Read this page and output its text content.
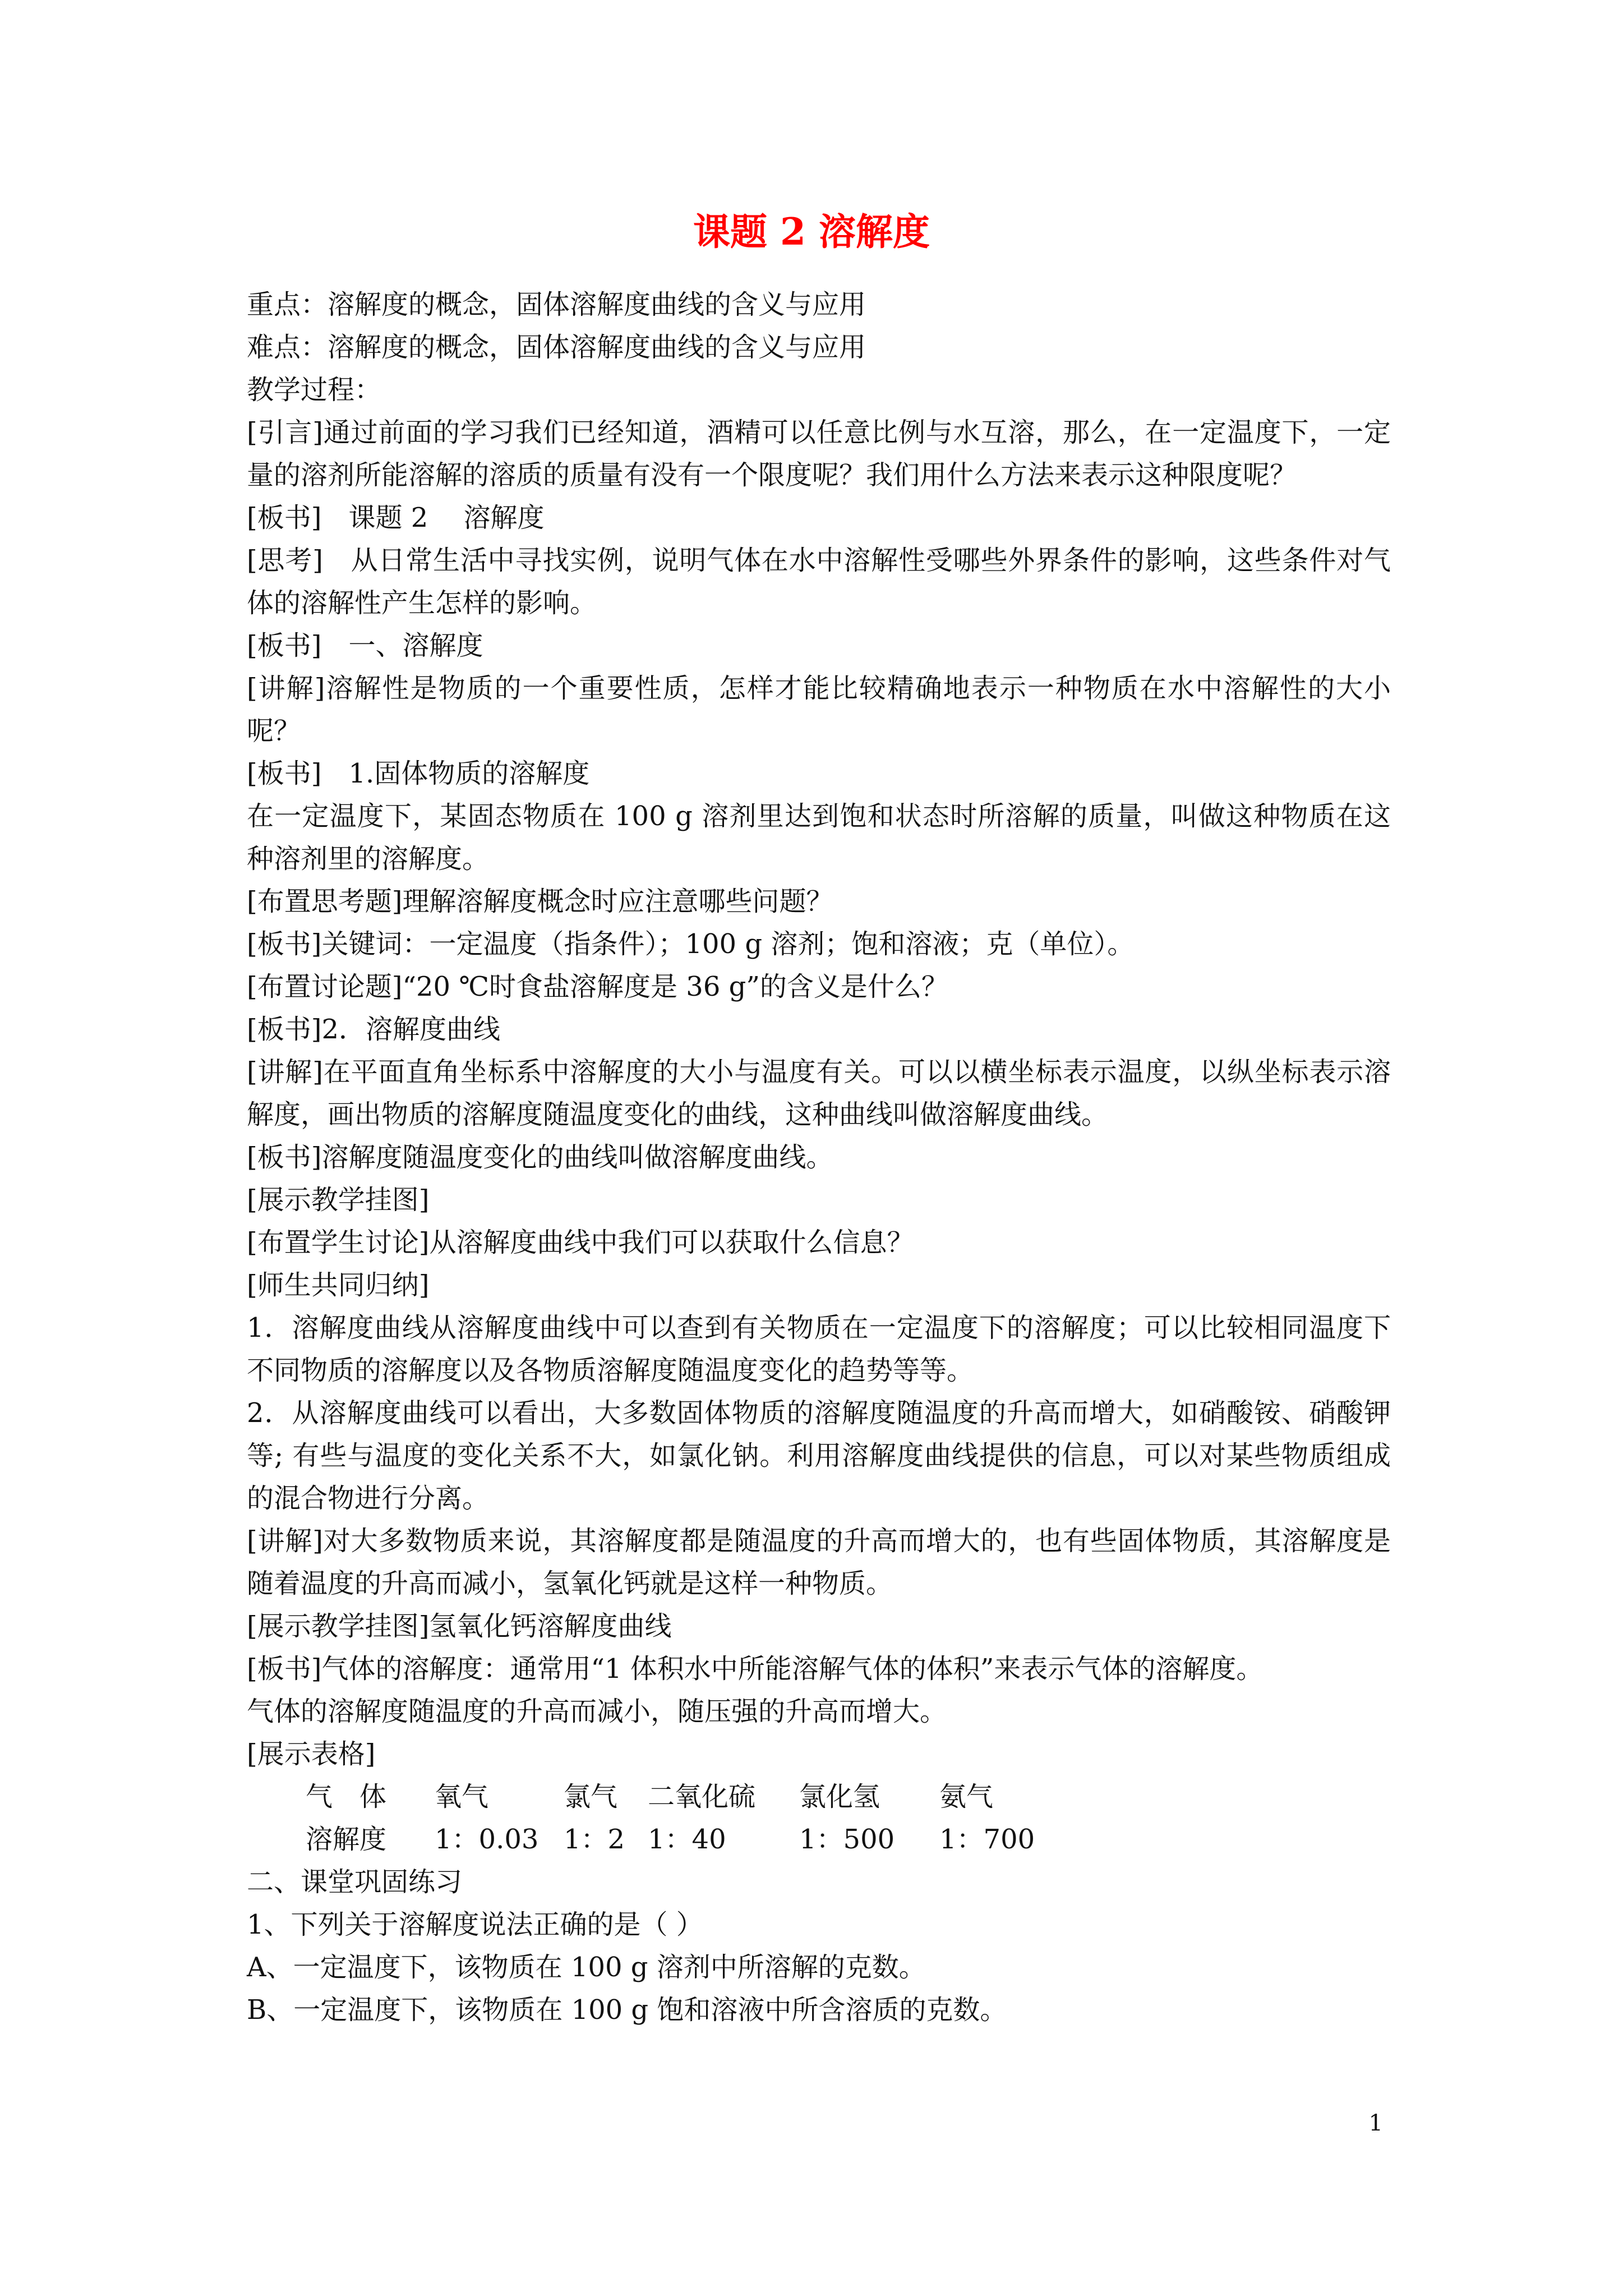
课题 2 溶解度

重点：溶解度的概念，固体溶解度曲线的含义与应用

难点：溶解度的概念，固体溶解度曲线的含义与应用

教学过程：

[引言]通过前面的学习我们已经知道，酒精可以任意比例与水互溶，那么，在一定温度下，一定量的溶剂所能溶解的溶质的质量有没有一个限度呢？我们用什么方法来表示这种限度呢？

[板书]　课题 2　 溶解度

[思考]　从日常生活中寻找实例，说明气体在水中溶解性受哪些外界条件的影响，这些条件对气体的溶解性产生怎样的影响。

[板书]　一、溶解度

[讲解]溶解性是物质的一个重要性质，怎样才能比较精确地表示一种物质在水中溶解性的大小呢？

[板书]　1.固体物质的溶解度

在一定温度下，某固态物质在 100 g 溶剂里达到饱和状态时所溶解的质量，叫做这种物质在这种溶剂里的溶解度。

[布置思考题]理解溶解度概念时应注意哪些问题？

[板书]关键词：一定温度（指条件）；100 g 溶剂；饱和溶液；克（单位）。

[布置讨论题]“20 ℃时食盐溶解度是 36 g”的含义是什么？

[板书]2．溶解度曲线

[讲解]在平面直角坐标系中溶解度的大小与温度有关。可以以横坐标表示温度，以纵坐标表示溶解度，画出物质的溶解度随温度变化的曲线，这种曲线叫做溶解度曲线。

[板书]溶解度随温度变化的曲线叫做溶解度曲线。

[展示教学挂图]

[布置学生讨论]从溶解度曲线中我们可以获取什么信息？

[师生共同归纳]

1．溶解度曲线从溶解度曲线中可以查到有关物质在一定温度下的溶解度；可以比较相同温度下不同物质的溶解度以及各物质溶解度随温度变化的趋势等等。

2．从溶解度曲线可以看出，大多数固体物质的溶解度随温度的升高而增大，如硝酸铵、硝酸钾等; 有些与温度的变化关系不大，如氯化钠。利用溶解度曲线提供的信息，可以对某些物质组成的混合物进行分离。

[讲解]对大多数物质来说，其溶解度都是随温度的升高而增大的，也有些固体物质，其溶解度是随着温度的升高而减小，氢氧化钙就是这样一种物质。

[展示教学挂图]氢氧化钙溶解度曲线

[板书]气体的溶解度：通常用“1 体积水中所能溶解气体的体积”来表示气体的溶解度。

气体的溶解度随温度的升高而减小，随压强的升高而增大。

[展示表格]

气　体	氧气	氯气	二氧化硫	氯化氢	氨气
溶解度	1：0.03 1：2 1：40	1：500	1：700

二、课堂巩固练习

1、下列关于溶解度说法正确的是（ ）

A、一定温度下，该物质在 100 g 溶剂中所溶解的克数。

B、一定温度下，该物质在 100 g 饱和溶液中所含溶质的克数。

1
